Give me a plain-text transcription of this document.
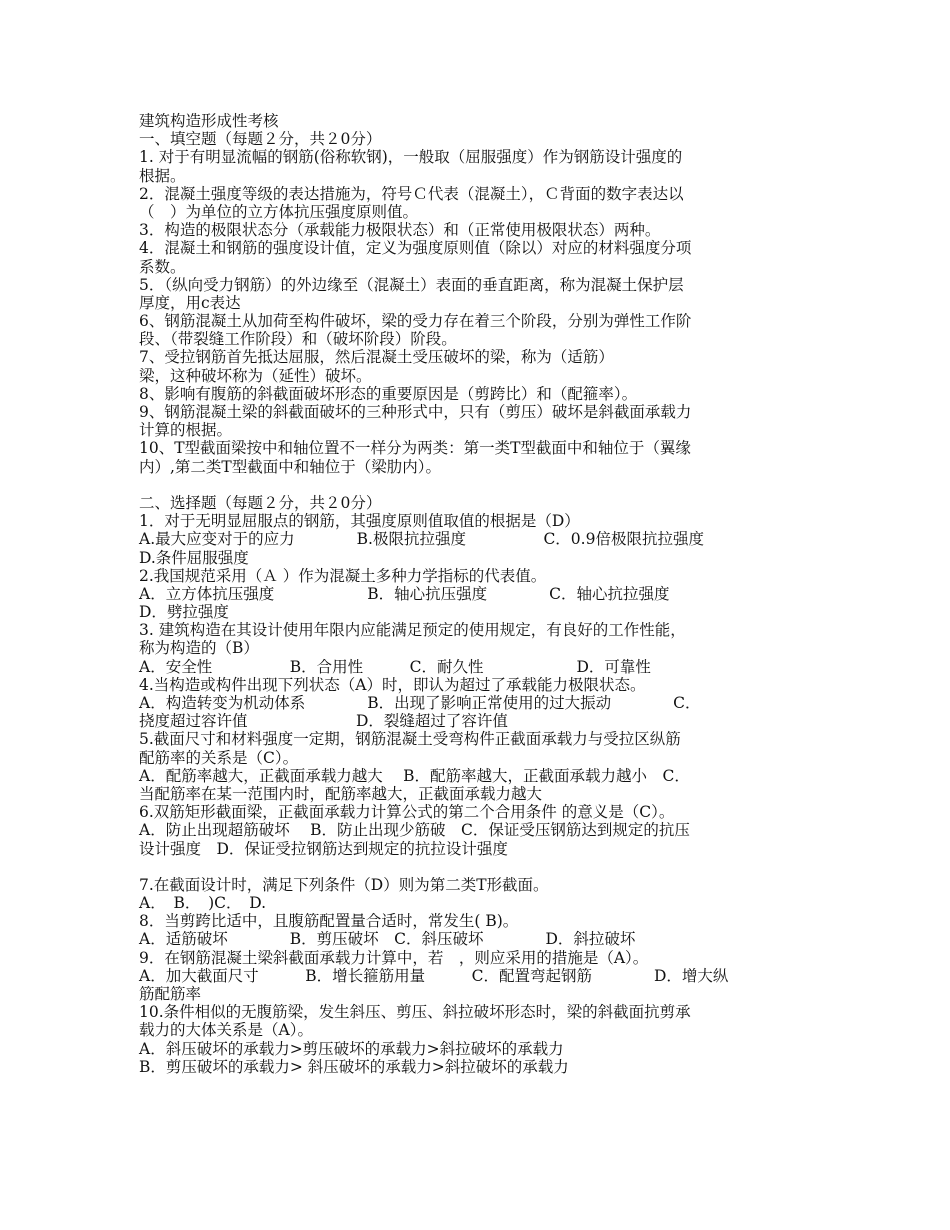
建筑构造形成性考核
一、填空题（每题２分，共２0分）
1. 对于有明显流幅的钢筋(俗称软钢)，一般取（屈服强度）作为钢筋设计强度的
根据。
2．混凝土强度等级的表达措施为，符号Ｃ代表（混凝土），Ｃ背面的数字表达以
（　）为单位的立方体抗压强度原则值。
3．构造的极限状态分（承载能力极限状态）和（正常使用极限状态）两种。
4．混凝土和钢筋的强度设计值，定义为强度原则值（除以）对应的材料强度分项
系数。
5．（纵向受力钢筋）的外边缘至（混凝土）表面的垂直距离，称为混凝土保护层
厚度，用c表达
6、钢筋混凝土从加荷至构件破坏，梁的受力存在着三个阶段，分别为弹性工作阶
段、（带裂缝工作阶段）和（破坏阶段）阶段。
7、受拉钢筋首先抵达屈服，然后混凝土受压破坏的梁，称为（适筋）
梁，这种破坏称为（延性）破坏。
8、影响有腹筋的斜截面破坏形态的重要原因是（剪跨比）和（配箍率）。
9、钢筋混凝土梁的斜截面破坏的三种形式中，只有（剪压）破坏是斜截面承载力
计算的根据。
10、T型截面梁按中和轴位置不一样分为两类：第一类T型截面中和轴位于（翼缘
内）,第二类T型截面中和轴位于（梁肋内）。
二、选择题（每题２分，共２0分）
1．对于无明显屈服点的钢筋，其强度原则值取值的根据是（D）
A.最大应变对于的应力　　　　B.极限抗拉强度　　　　　C．0.9倍极限抗拉强度
D.条件屈服强度
2.我国规范采用（Ａ ）作为混凝土多种力学指标的代表值。
A．立方体抗压强度　　　　　　B．轴心抗压强度　　　　C．轴心抗拉强度
D．劈拉强度
3. 建筑构造在其设计使用年限内应能满足预定的使用规定，有良好的工作性能，
称为构造的（B）
A．安全性　　　　　B．合用性　　　C．耐久性　　　　　　D．可靠性
4.当构造或构件出现下列状态（A）时，即认为超过了承载能力极限状态。
A．构造转变为机动体系　　　　B．出现了影响正常使用的过大振动　　　　C．
挠度超过容许值　　　　　　　D．裂缝超过了容许值
5.截面尺寸和材料强度一定期，钢筋混凝土受弯构件正截面承载力与受拉区纵筋
配筋率的关系是（C）。
A．配筋率越大，正截面承载力越大　 B．配筋率越大，正截面承载力越小　C．
当配筋率在某一范围内时，配筋率越大，正截面承载力越大
6.双筋矩形截面梁，正截面承载力计算公式的第二个合用条件 的意义是（C）。
A．防止出现超筋破坏　 B．防止出现少筋破　C．保证受压钢筋达到规定的抗压
设计强度　D．保证受拉钢筋达到规定的抗拉设计强度
7.在截面设计时，满足下列条件（D）则为第二类T形截面。
A．　B．　)C．　D.
8．当剪跨比适中，且腹筋配置量合适时，常发生( B)。
A．适筋破坏　　　　B．剪压破坏　C．斜压破坏　　　　D．斜拉破坏
9．在钢筋混凝土梁斜截面承载力计算中，若　，则应采用的措施是（A）。
A．加大截面尺寸　　　B．增长箍筋用量　　　C．配置弯起钢筋　　　　D．增大纵
筋配筋率
10.条件相似的无腹筋梁，发生斜压、剪压、斜拉破坏形态时，梁的斜截面抗剪承
载力的大体关系是（A）。
A．斜压破坏的承载力>剪压破坏的承载力>斜拉破坏的承载力
B．剪压破坏的承载力> 斜压破坏的承载力>斜拉破坏的承载力
